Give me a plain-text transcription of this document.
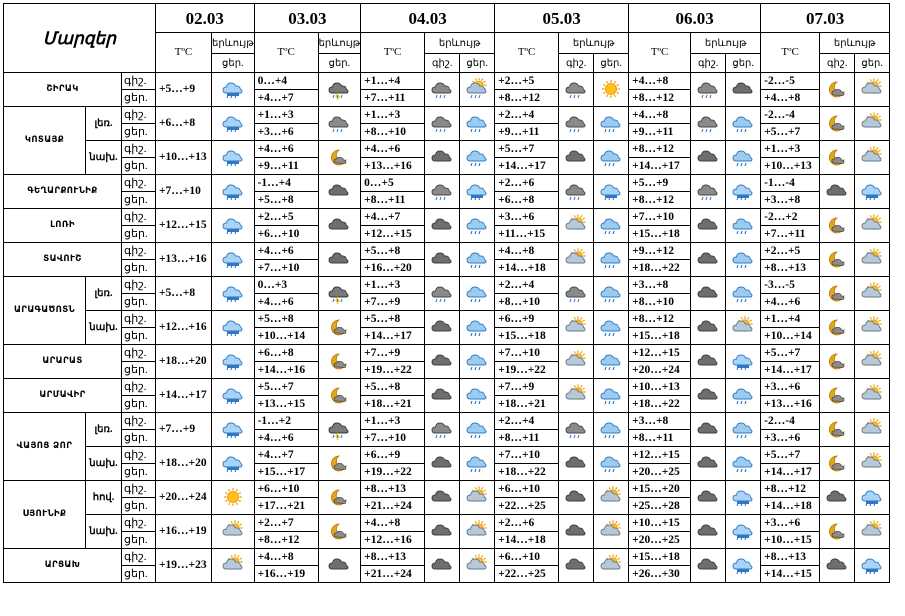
Մարզեր			02.03		03.03		04.03			05.03			06.03			07.03		
			TºC	երևույթ	TºC	երևույթ	TºC	երևույթ		TºC	երևույթ		TºC	երևույթ		TºC	երևույթ	
				ցեր.		ցեր.		գիշ.	ցեր.		գիշ.	ցեր.		գիշ.	ցեր.		գիշ.	ցեր.
ՇԻՐԱԿ		գիշ.	+5…+9		0…+4		+1…+4			+2…+5			+4…+8			-2…-5	

		ցեր.			+4…+7		+7…+11			+8…+12			+8…+12			+4…+8		
ԿՈՏԱՅՔ	լեռ.	գիշ.	+6…+8		+1…+3		+1…+3			+2…+4			+4…+8			-2…-4	

		ցեր.			+3…+6		+8…+10			+9…+11			+9…+11			+5…+7		
	նախ.	գիշ.	+10…+13		+4…+6		+4…+6			+5…+7			+8…+12			+1…+3	

		ցեր.			+9…+11		+13…+16			+14…+17			+14…+17			+10…+13		
ԳԵՂԱՐՔՈՒՆԻՔ		գիշ.	+7…+10		-1…+4		0…+5			+2…+6			+5…+9			-1…-4	

		ցեր.			+5…+8		+8…+11			+6…+8			+8…+12			+3…+8		
ԼՈՌԻ		գիշ.	+12…+15		+2…+5		+4…+7			+3…+6			+7…+10			-2…+2	

		ցեր.			+6…+10		+12…+15			+11…+15			+15…+18			+7…+11		
ՏԱՎՈՒՇ		գիշ.	+13…+16		+4…+6		+5…+8			+4…+8			+9…+12			+2…+5	

		ցեր.			+7…+10		+16…+20			+14…+18			+18…+22			+8…+13		
ԱՐԱԳԱԾՈՏՆ	լեռ.	գիշ.	+5…+8		0…+3		+1…+3			+2…+4			+3…+8			-3…-5	

		ցեր.			+4…+6		+7…+9			+8…+10			+8…+10			+4…+6		
	նախ.	գիշ.	+12…+16		+5…+8		+5…+8			+6…+9			+8…+12			+1…+4	

		ցեր.			+10…+14		+14…+17			+15…+18			+15…+18			+10…+14		
ԱՐԱՐԱՏ		գիշ.	+18…+20		+6…+8		+7…+9			+7…+10			+12…+15			+5…+7	

		ցեր.			+14…+16		+19…+22			+19…+22			+20…+24			+14…+17		
ԱՐՄԱՎԻՐ		գիշ.	+14…+17		+5…+7		+5…+8			+7…+9			+10…+13			+3…+6	

		ցեր.			+13…+15		+18…+21			+18…+21			+18…+22			+13…+16		
ՎԱՅՈՑ ՁՈՐ	լեռ.	գիշ.	+7…+9		-1…+2		+1…+3			+2…+4			+3…+8			-2…-4	

		ցեր.			+4…+6		+7…+10			+8…+11			+8…+11			+3…+6		
	նախ.	գիշ.	+18…+20		+4…+7		+6…+9			+7…+10			+12…+15			+5…+7	

		ցեր.			+15…+17		+19…+22			+18…+22			+20…+25			+14…+17		
ՍՅՈՒՆԻՔ	հով.	գիշ.	+20…+24		+6…+10		+8…+13			+6…+10			+15…+20			+8…+12	

		ցեր.			+17…+21		+21…+24			+22…+25			+25…+28			+14…+18		
	նախ.	գիշ.	+16…+19		+2…+7		+4…+8			+2…+6			+10…+15			+3…+6	

		ցեր.			+8…+12		+12…+16			+14…+18			+20…+25			+10…+15		
ԱՐՑԱԽ		գիշ.	+19…+23		+4…+8		+8…+13			+6…+10			+15…+18			+8…+13	

		ցեր.			+16…+19		+21…+24			+22…+25			+26…+30			+14…+15		
